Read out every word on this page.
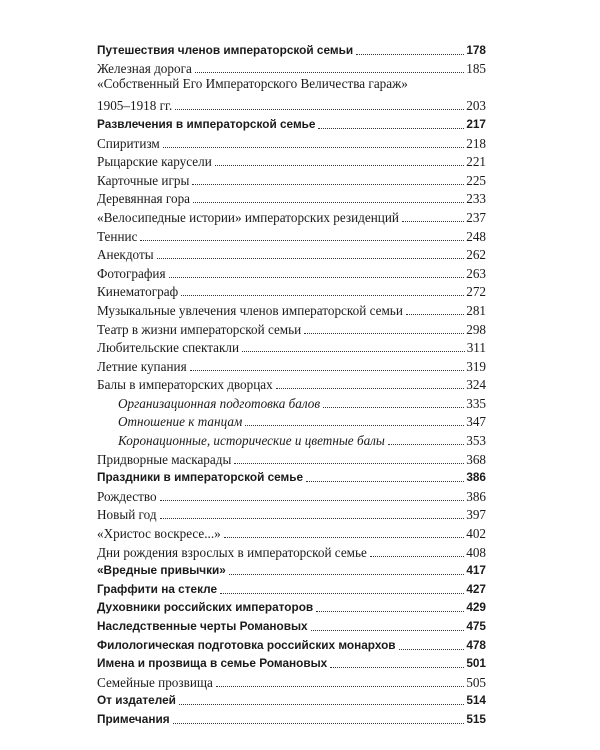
Путешествия членов императорской семьи	178
Железная дорога	185
«Собственный Его Императорского Величества гараж»
1905–1918 гг.	203
Развлечения в императорской семье	217
Спиритизм	218
Рыцарские карусели	221
Карточные игры	225
Деревянная гора	233
«Велосипедные истории» императорских резиденций	237
Теннис	248
Анекдоты	262
Фотография	263
Кинематограф	272
Музыкальные увлечения членов императорской семьи	281
Театр в жизни императорской семьи	298
Любительские спектакли	311
Летние купания	319
Балы в императорских дворцах	324
Организационная подготовка балов	335
Отношение к танцам	347
Коронационные, исторические и цветные балы	353
Придворные маскарады	368
Праздники в императорской семье	386
Рождество	386
Новый год	397
«Христос воскресе...»	402
Дни рождения взрослых в императорской семье	408
«Вредные привычки»	417
Граффити на стекле	427
Духовники российских императоров	429
Наследственные черты Романовых	475
Филологическая подготовка российских монархов	478
Имена и прозвища в семье Романовых	501
Семейные прозвища	505
От издателей	514
Примечания	515
